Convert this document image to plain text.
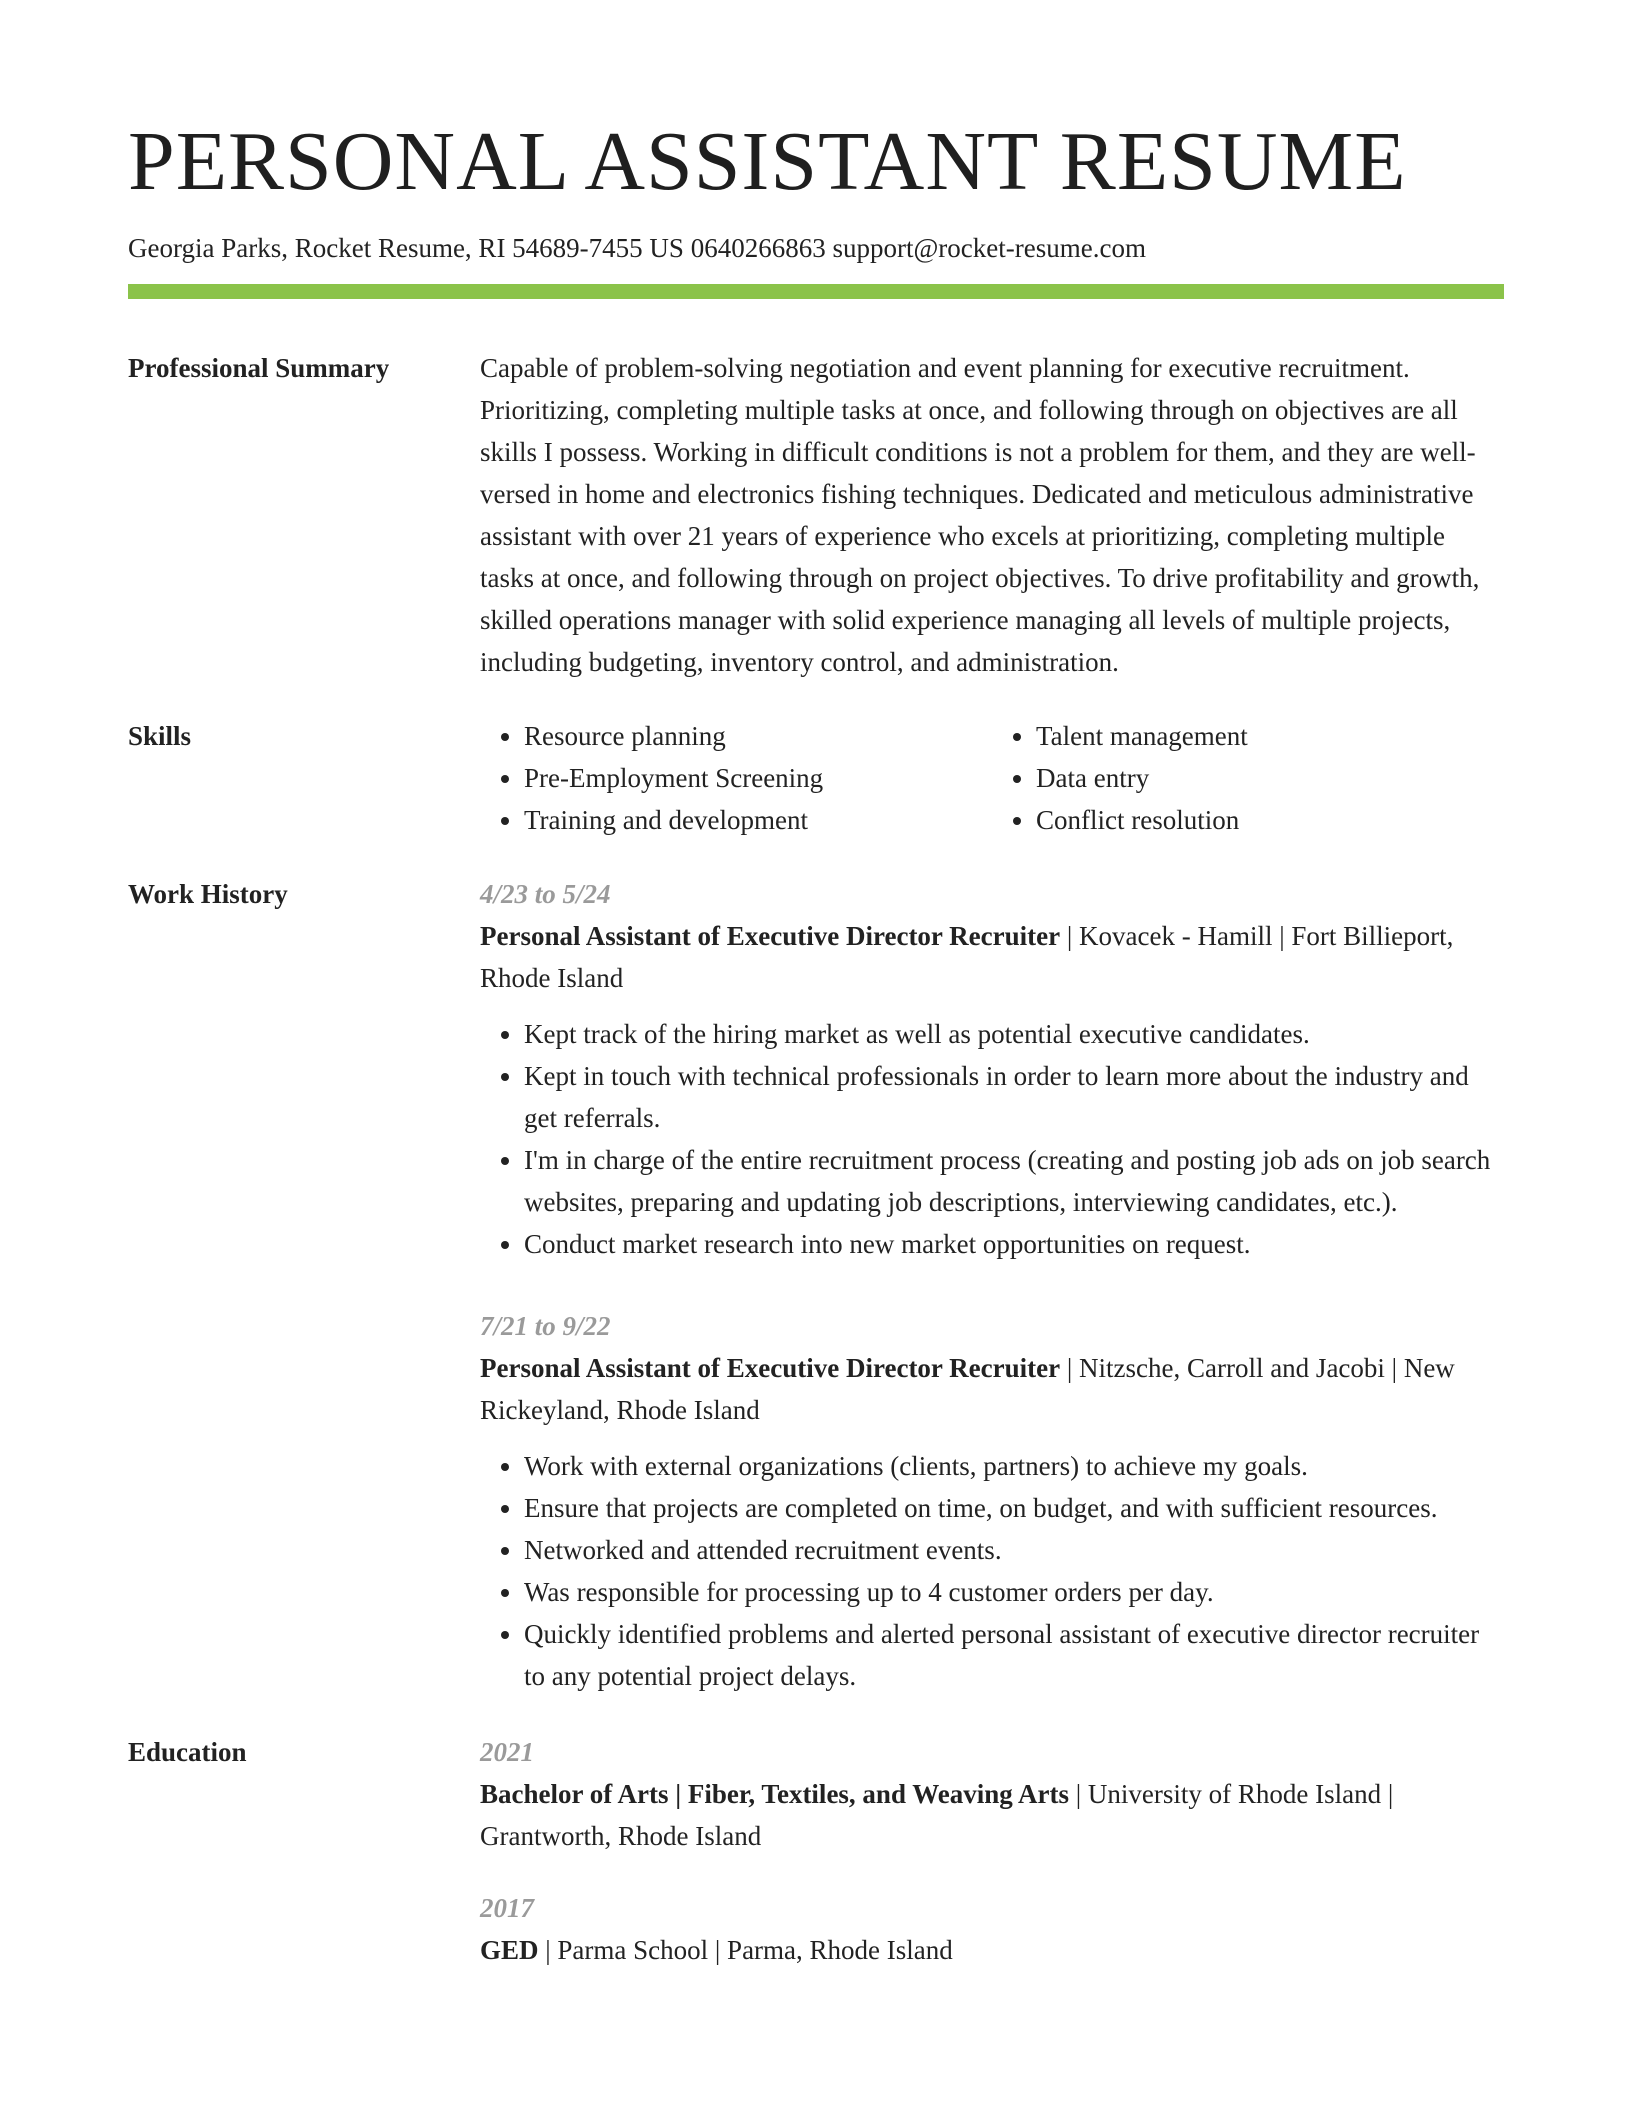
PERSONAL ASSISTANT RESUME
Georgia Parks, Rocket Resume, RI 54689-7455 US 0640266863 support@rocket-resume.com
Professional Summary	Capable of problem-solving negotiation and event planning for executive recruitment. Prioritizing, completing multiple tasks at once, and following through on objectives are all skills I possess. Working in difficult conditions is not a problem for them, and they are well-versed in home and electronics fishing techniques. Dedicated and meticulous administrative assistant with over 21 years of experience who excels at prioritizing, completing multiple tasks at once, and following through on project objectives. To drive profitability and growth, skilled operations manager with solid experience managing all levels of multiple projects, including budgeting, inventory control, and administration.

Skills
•	Resource planning
• Pre-Employment Screening
• Training and development
• Talent management
• Data entry
• Conflict resolution
Work History	4/23 to 5/24

Personal Assistant of Executive Director Recruiter | Kovacek - Hamill | Fort Billieport, Rhode Island

• Kept track of the hiring market as well as potential executive candidates.
• Kept in touch with technical professionals in order to learn more about the industry and get referrals.
• I'm in charge of the entire recruitment process (creating and posting job ads on job search websites, preparing and updating job descriptions, interviewing candidates, etc.).
• Conduct market research into new market opportunities on request.
7/21 to 9/22

Personal Assistant of Executive Director Recruiter | Nitzsche, Carroll and Jacobi | New Rickeyland, Rhode Island

• Work with external organizations (clients, partners) to achieve my goals.
• Ensure that projects are completed on time, on budget, and with sufficient resources.
• Networked and attended recruitment events.
• Was responsible for processing up to 4 customer orders per day.
• Quickly identified problems and alerted personal assistant of executive director recruiter to any potential project delays.
Education	2021

Bachelor of Arts | Fiber, Textiles, and Weaving Arts | University of Rhode Island | Grantworth, Rhode Island

2017

GED | Parma School | Parma, Rhode Island
